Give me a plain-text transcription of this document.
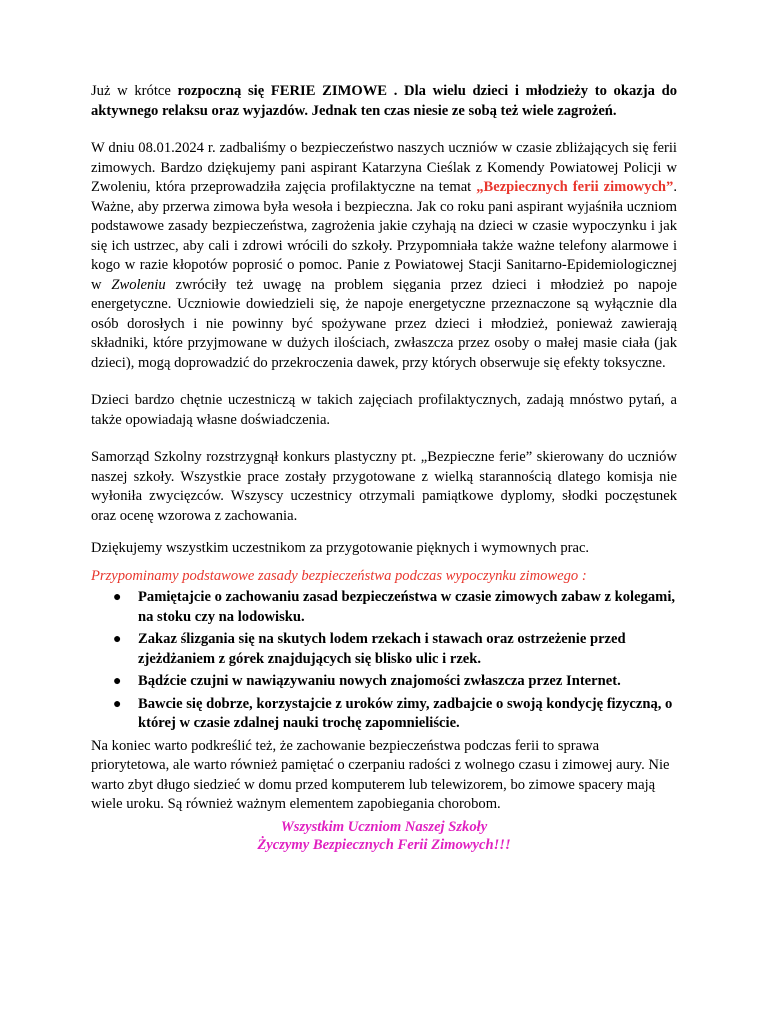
Już w krótce rozpoczną się FERIE ZIMOWE . Dla wielu dzieci i młodzieży to okazja do aktywnego relaksu oraz wyjazdów. Jednak ten czas niesie ze sobą też wiele zagrożeń.

W dniu 08.01.2024 r. zadbaliśmy o bezpieczeństwo naszych uczniów w czasie zbliżających się ferii zimowych. Bardzo dziękujemy pani aspirant Katarzyna Cieślak z Komendy Powiatowej Policji w Zwoleniu, która przeprowadziła zajęcia profilaktyczne na temat „Bezpiecznych ferii zimowych”. Ważne, aby przerwa zimowa była wesoła i bezpieczna. Jak co roku pani aspirant wyjaśniła uczniom podstawowe zasady bezpieczeństwa, zagrożenia jakie czyhają na dzieci w czasie wypoczynku i jak się ich ustrzec, aby cali i zdrowi wrócili do szkoły. Przypomniała także ważne telefony alarmowe i kogo w razie kłopotów poprosić o pomoc. Panie z Powiatowej Stacji Sanitarno-Epidemiologicznej w Zwoleniu zwróciły też uwagę na problem sięgania przez dzieci i młodzież po napoje energetyczne. Uczniowie dowiedzieli się, że napoje energetyczne przeznaczone są wyłącznie dla osób dorosłych i nie powinny być spożywane przez dzieci i młodzież, ponieważ zawierają składniki, które przyjmowane w dużych ilościach, zwłaszcza przez osoby o małej masie ciała (jak dzieci), mogą doprowadzić do przekroczenia dawek, przy których obserwuje się efekty toksyczne.

Dzieci bardzo chętnie uczestniczą w takich zajęciach profilaktycznych, zadają mnóstwo pytań, a także opowiadają własne doświadczenia.

Samorząd Szkolny rozstrzygnął konkurs plastyczny pt. „Bezpieczne ferie” skierowany do uczniów naszej szkoły. Wszystkie prace zostały przygotowane z wielką starannością dlatego komisja nie wyłoniła zwycięzców. Wszyscy uczestnicy otrzymali pamiątkowe dyplomy, słodki poczęstunek oraz ocenę wzorowa z zachowania.

Dziękujemy wszystkim uczestnikom za przygotowanie pięknych i wymownych prac.

Przypominamy podstawowe zasady bezpieczeństwa podczas wypoczynku zimowego :

● Pamiętajcie o zachowaniu zasad bezpieczeństwa w czasie zimowych zabaw z kolegami, na stoku czy na lodowisku.
● Zakaz ślizgania się na skutych lodem rzekach i stawach oraz ostrzeżenie przed zjeżdżaniem z górek znajdujących się blisko ulic i rzek.
● Bądźcie czujni w nawiązywaniu nowych znajomości zwłaszcza przez Internet.
● Bawcie się dobrze, korzystajcie z uroków zimy, zadbajcie o swoją kondycję fizyczną, o której w czasie zdalnej nauki trochę zapomnieliście.

Na koniec warto podkreślić też, że zachowanie bezpieczeństwa podczas ferii to sprawa priorytetowa, ale warto również pamiętać o czerpaniu radości z wolnego czasu i zimowej aury. Nie warto zbyt długo siedzieć w domu przed komputerem lub telewizorem, bo zimowe spacery mają wiele uroku. Są również ważnym elementem zapobiegania chorobom.

Wszystkim Uczniom Naszej Szkoły
Życzymy Bezpiecznych Ferii Zimowych!!!
